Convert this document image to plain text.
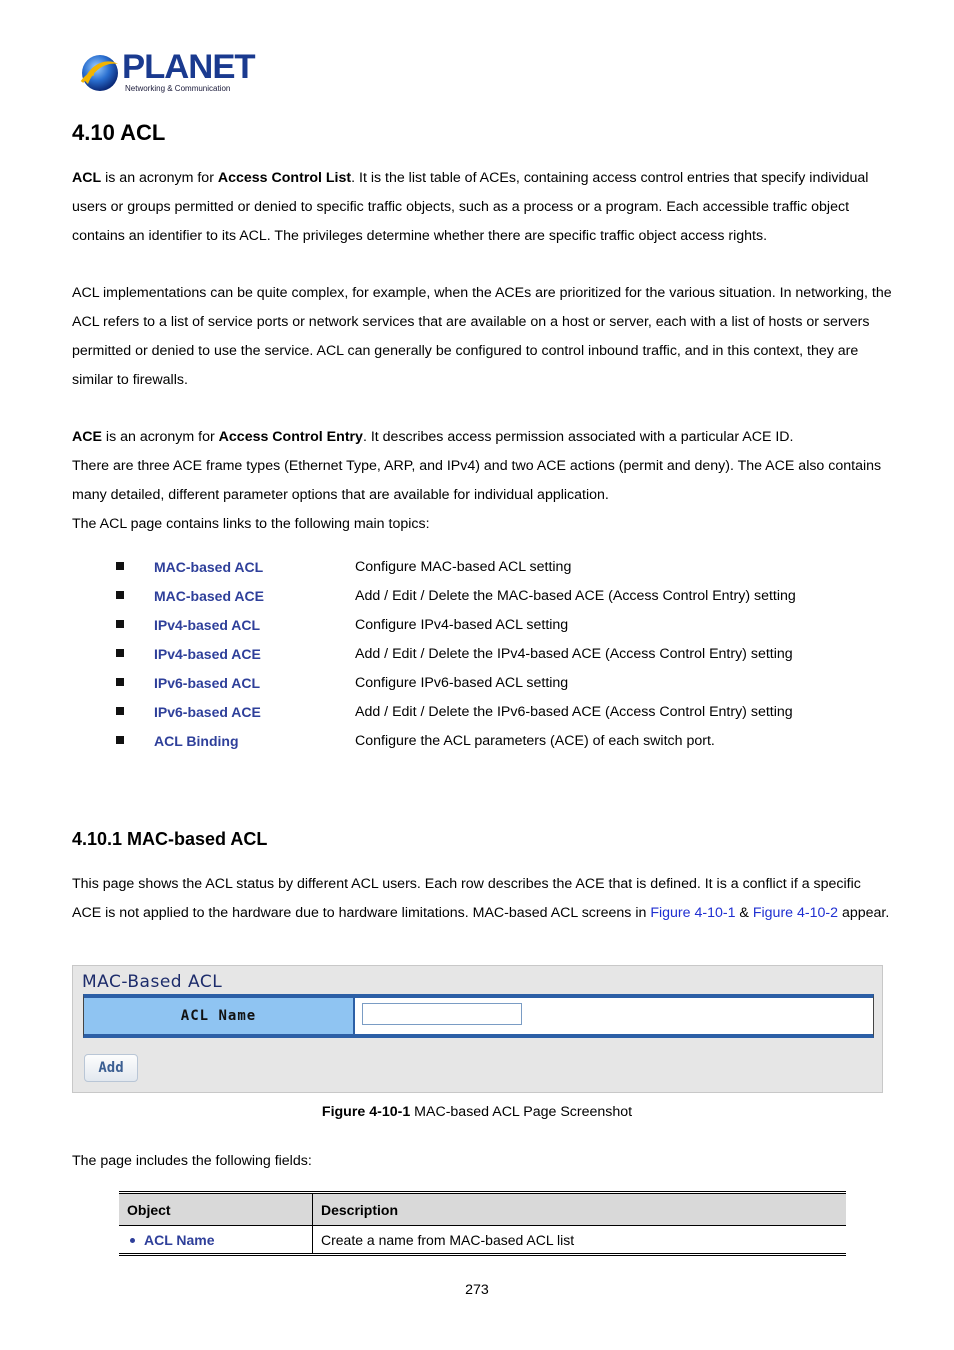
PLANET
Networking & Communication
4.10 ACL
ACL is an acronym for Access Control List. It is the list table of ACEs, containing access control entries that specify individual users or groups permitted or denied to specific traffic objects, such as a process or a program. Each accessible traffic object contains an identifier to its ACL. The privileges determine whether there are specific traffic object access rights.
ACL implementations can be quite complex, for example, when the ACEs are prioritized for the various situation. In networking, the ACL refers to a list of service ports or network services that are available on a host or server, each with a list of hosts or servers permitted or denied to use the service. ACL can generally be configured to control inbound traffic, and in this context, they are similar to firewalls.
ACE is an acronym for Access Control Entry. It describes access permission associated with a particular ACE ID.
There are three ACE frame types (Ethernet Type, ARP, and IPv4) and two ACE actions (permit and deny). The ACE also contains many detailed, different parameter options that are available for individual application.
The ACL page contains links to the following main topics:
MAC-based ACL	Configure MAC-based ACL setting
MAC-based ACE	Add / Edit / Delete the MAC-based ACE (Access Control Entry) setting
IPv4-based ACL	Configure IPv4-based ACL setting
IPv4-based ACE	Add / Edit / Delete the IPv4-based ACE (Access Control Entry) setting
IPv6-based ACL	Configure IPv6-based ACL setting
IPv6-based ACE	Add / Edit / Delete the IPv6-based ACE (Access Control Entry) setting
ACL Binding	Configure the ACL parameters (ACE) of each switch port.
4.10.1 MAC-based ACL
This page shows the ACL status by different ACL users. Each row describes the ACE that is defined. It is a conflict if a specific ACE is not applied to the hardware due to hardware limitations. MAC-based ACL screens in Figure 4-10-1 & Figure 4-10-2 appear.
MAC-Based ACL
ACL Name
Add
Figure 4-10-1 MAC-based ACL Page Screenshot
The page includes the following fields:
Object	Description
ACL Name	Create a name from MAC-based ACL list
273
